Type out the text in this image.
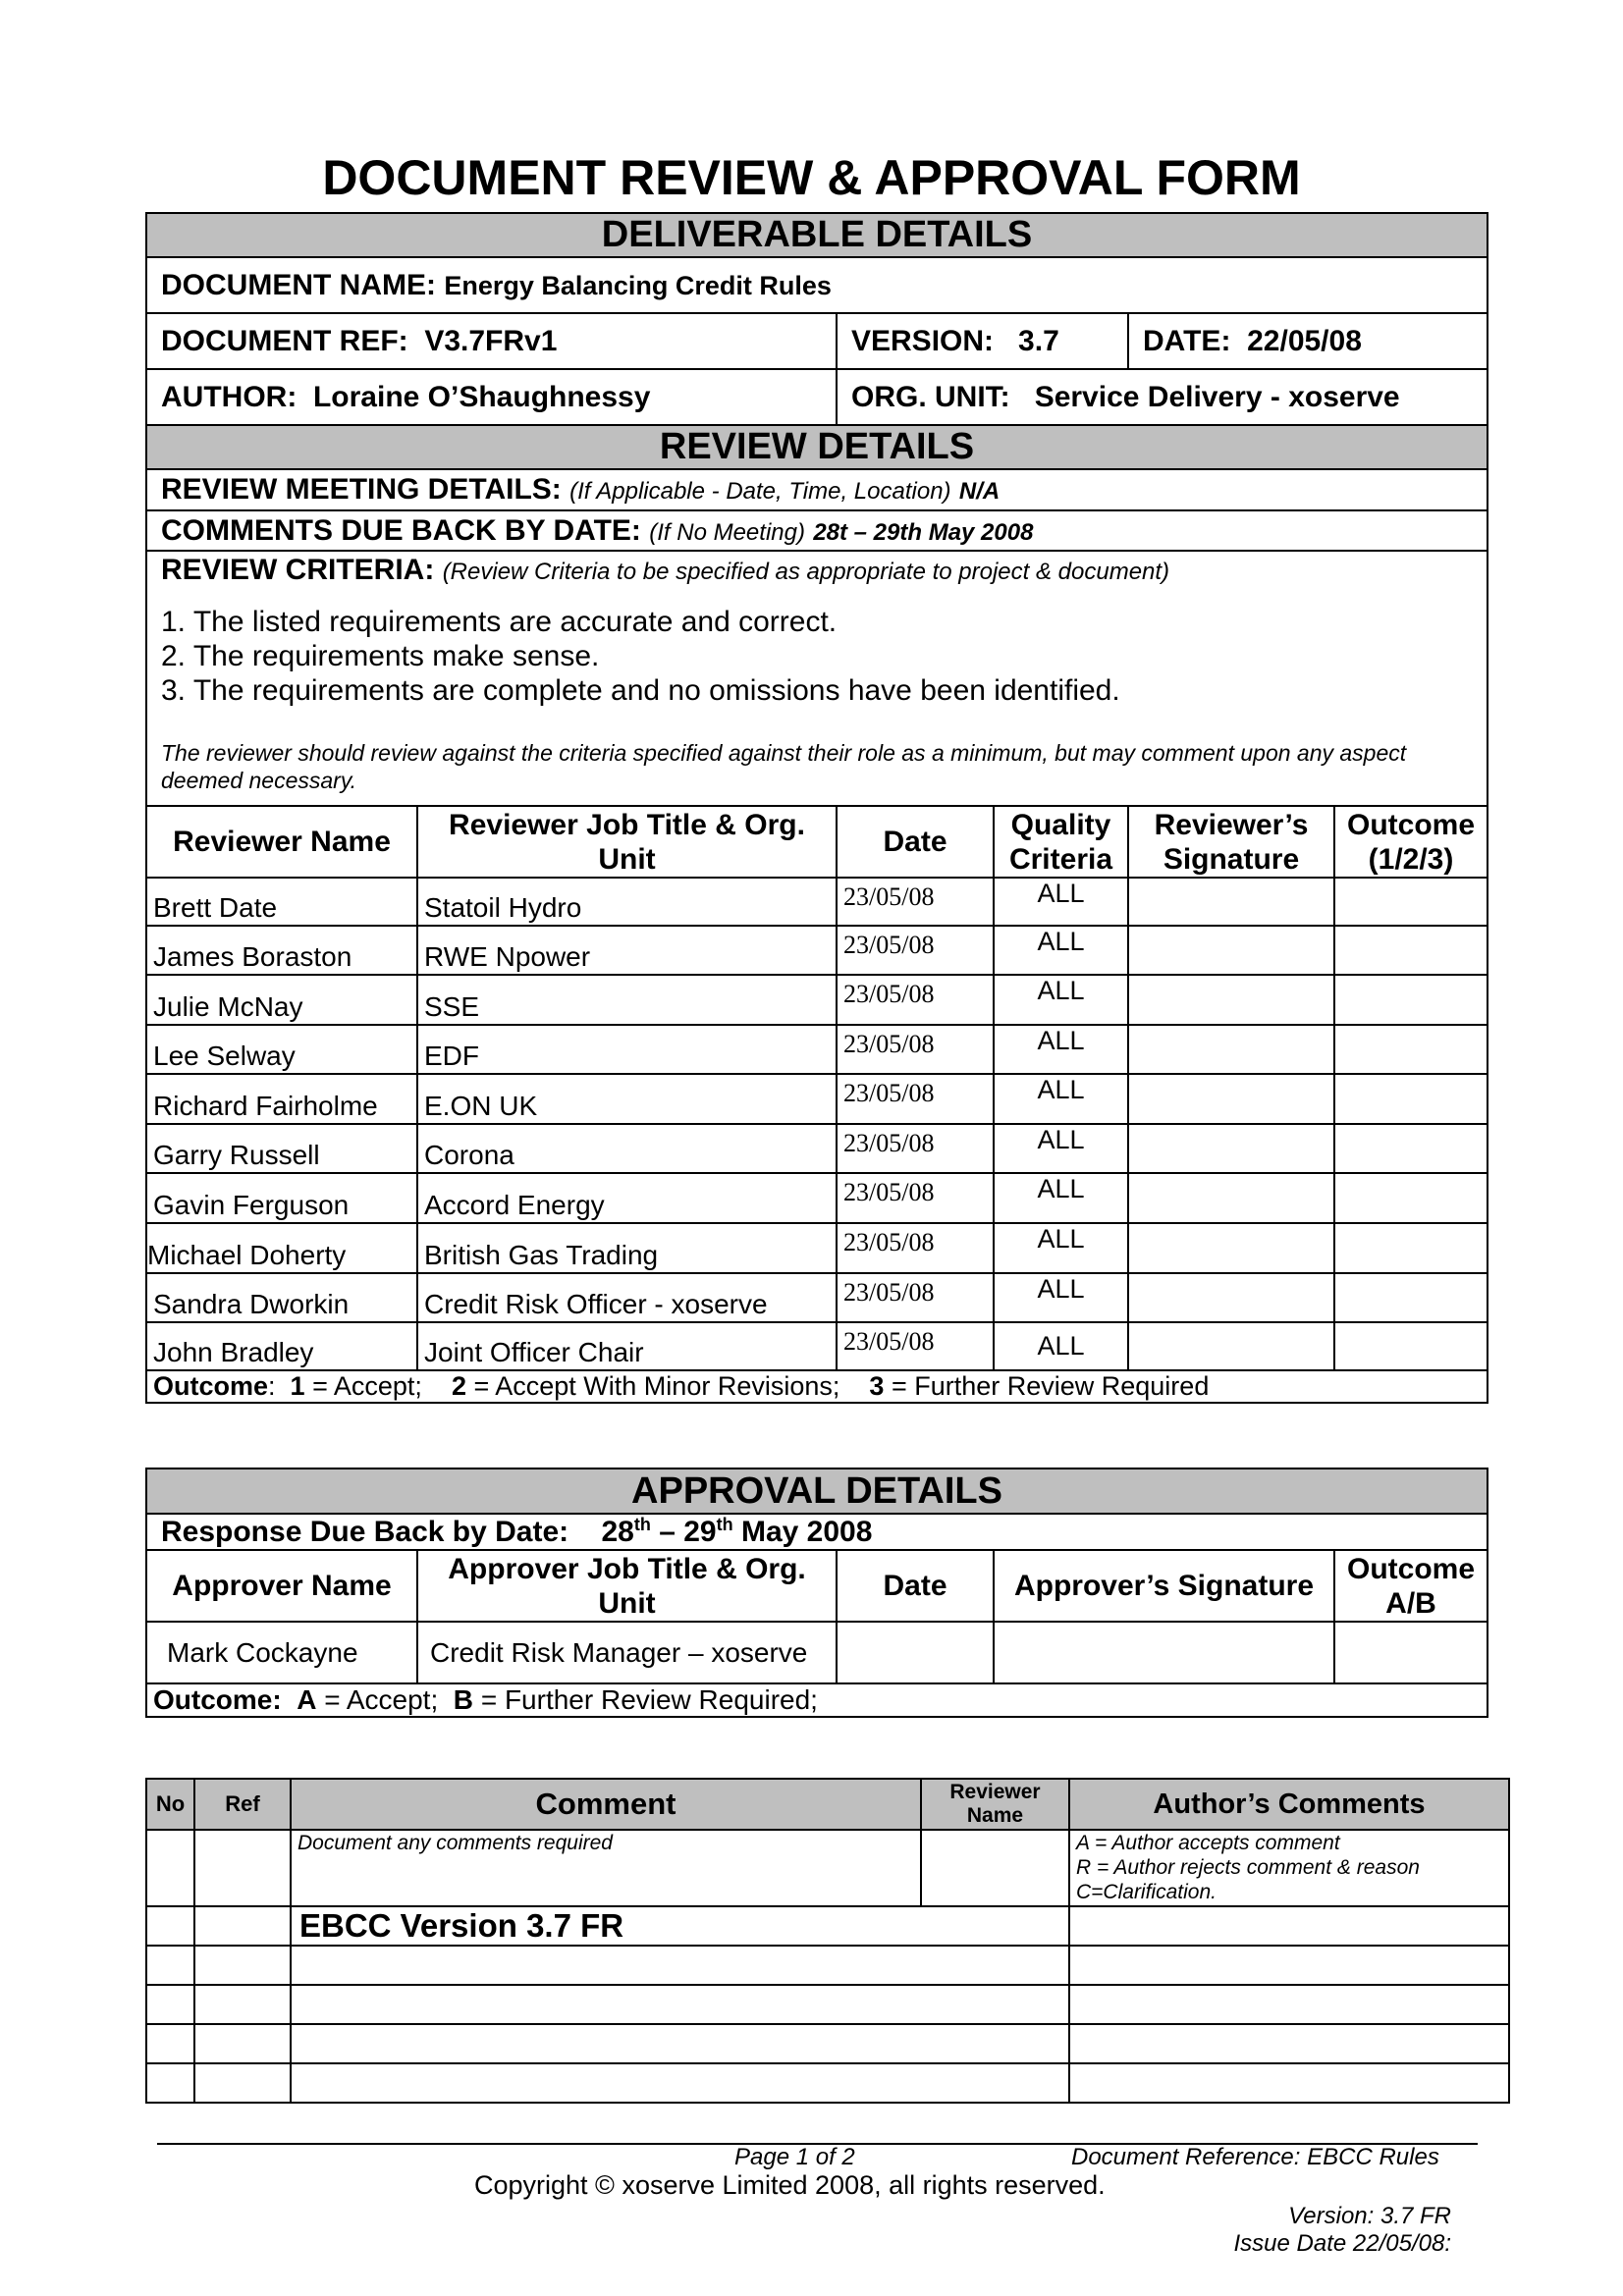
DOCUMENT REVIEW & APPROVAL FORM
DELIVERABLE DETAILS					
DOCUMENT NAME: Energy Balancing Credit Rules					
DOCUMENT REF: V3.7FRv1		VERSION: 3.7		DATE: 22/05/08	
AUTHOR: Loraine O’Shaughnessy		ORG. UNIT: Service Delivery - xoserve			
REVIEW DETAILS					
REVIEW MEETING DETAILS: (If Applicable - Date, Time, Location) N/A					
COMMENTS DUE BACK BY DATE: (If No Meeting) 28t – 29th May 2008					

REVIEW CRITERIA: (Review Criteria to be specified as appropriate to project & document)
1. The listed requirements are accurate and correct.
2. The requirements make sense.
3. The requirements are complete and no omissions have been identified.
The reviewer should review against the criteria specified against their role as a minimum, but may comment upon any aspect deemed necessary.					

Reviewer Name	Reviewer Job Title & Org. Unit	Date	Quality Criteria	Reviewer’s Signature	Outcome (1/2/3)
Brett Date	Statoil Hydro	23/05/08	ALL		
James Boraston	RWE Npower	23/05/08	ALL		
Julie McNay	SSE	23/05/08	ALL		
Lee Selway	EDF	23/05/08	ALL		
Richard Fairholme	E.ON UK	23/05/08	ALL		
Garry Russell	Corona	23/05/08	ALL		
Gavin Ferguson	Accord Energy	23/05/08	ALL		
Michael Doherty	British Gas Trading	23/05/08	ALL		
Sandra Dworkin	Credit Risk Officer - xoserve	23/05/08	ALL		
John Bradley	Joint Officer Chair	23/05/08	ALL		
Outcome:  1 = Accept; 2 = Accept With Minor Revisions; 3 = Further Review Required					
APPROVAL DETAILS				
Response Due Back by Date: 28th – 29th May 2008				
Approver Name	Approver Job Title & Org. Unit	Date	Approver’s Signature	Outcome A/B
Mark Cockayne	Credit Risk Manager – xoserve			
Outcome: A = Accept; B = Further Review Required;				
No	Ref	Comment	Reviewer Name	Author’s Comments
		Document any comments required		A = Author accepts comment
R = Author rejects comment & reason
C=Clarification.

		EBCC Version 3.7 FR		

Page 1 of 2	Document Reference: EBCC Rules
Copyright © xoserve Limited 2008, all rights reserved.
Version: 3.7 FR
Issue Date 22/05/08:
